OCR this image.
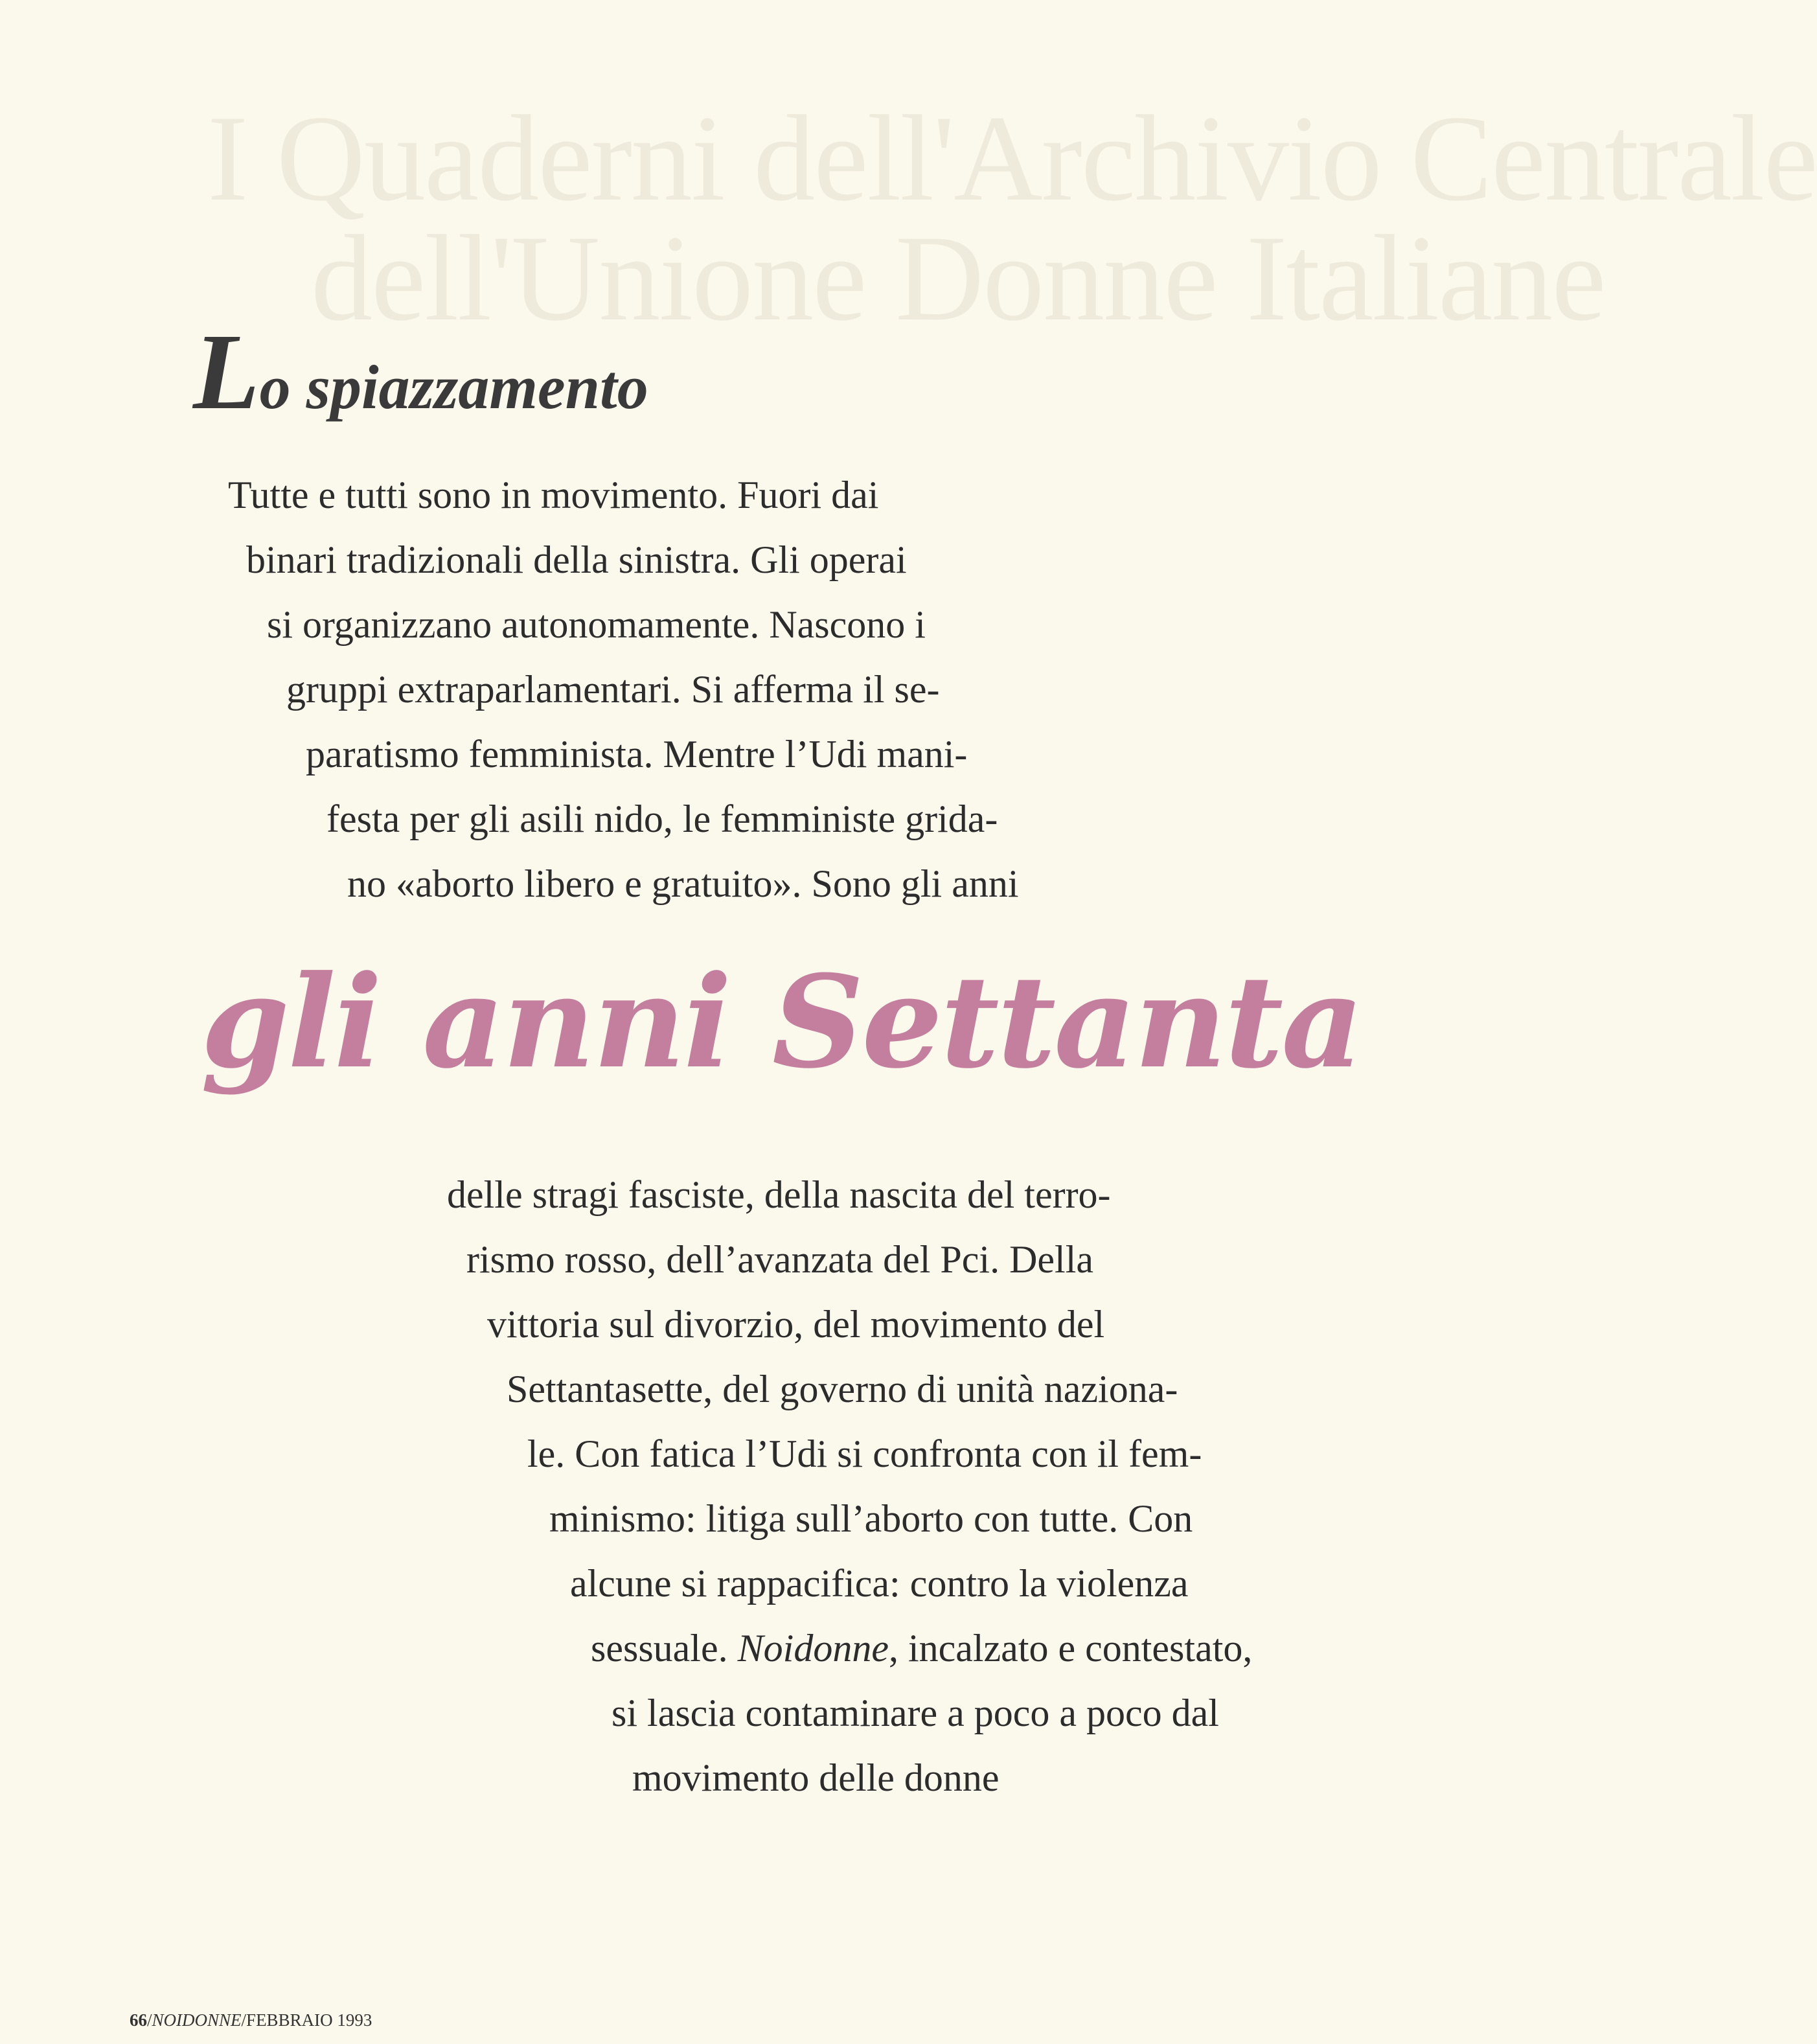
I Quaderni dell'Archivio Centrale
dell'Unione Donne Italiane
Lo spiazzamento

Tutte e tutti sono in movimento. Fuori dai

binari tradizionali della sinistra. Gli operai

si organizzano autonomamente. Nascono i

gruppi extraparlamentari. Si afferma il se-

paratismo femminista. Mentre l’Udi mani-

festa per gli asili nido, le femministe grida-

no «aborto libero e gratuito». Sono gli anni

gli anni Settanta

delle stragi fasciste, della nascita del terro-

rismo rosso, dell’avanzata del Pci. Della

vittoria sul divorzio, del movimento del

Settantasette, del governo di unità naziona-

le. Con fatica l’Udi si confronta con il fem-

minismo: litiga sull’aborto con tutte. Con

alcune si rappacifica: contro la violenza

sessuale. Noidonne, incalzato e contestato,

si lascia contaminare a poco a poco dal

movimento delle donne

66/NOIDONNE/FEBBRAIO 1993
